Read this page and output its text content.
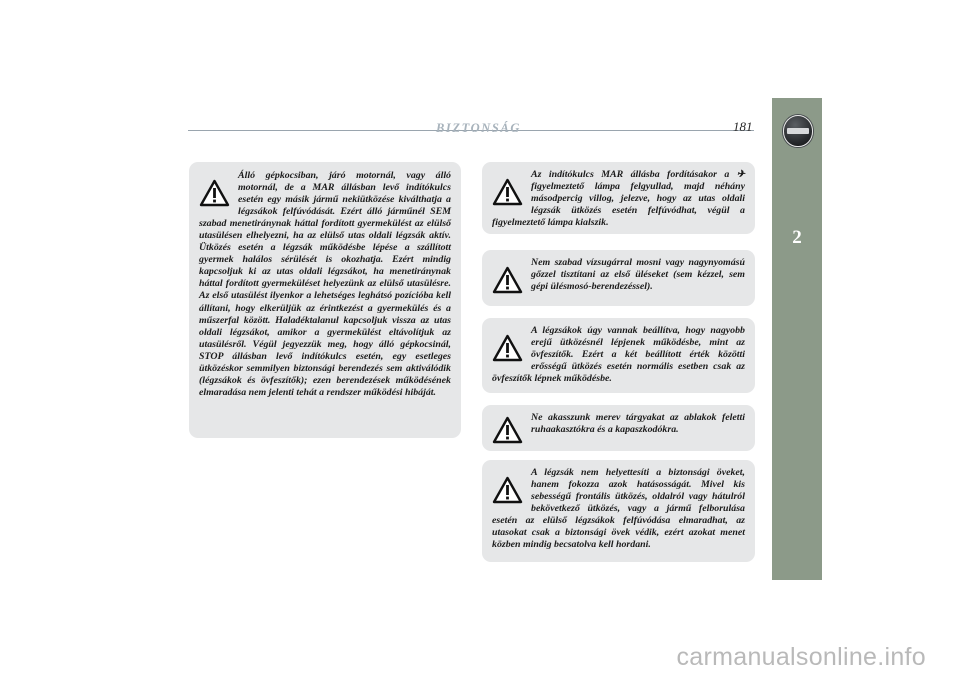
BIZTONSÁG	181
2

Álló gépkocsiban, járó motornál, vagy álló motornál, de a MAR állásban levő indítókulcs esetén egy másik jármű nekiütközése kiválthatja a légzsákok felfúvódását. Ezért álló járműnél SEM szabad menetiránynak háttal fordított gyermekülést az elülső utasülésen elhelyezni, ha az elülső utas oldali légzsák aktív. Ütközés esetén a légzsák működésbe lépése a szállított gyermek halálos sérülését is okozhatja. Ezért mindig kapcsoljuk ki az utas oldali légzsákot, ha menetiránynak háttal fordított gyermeküléset helyezünk az elülső utasülésre. Az első utasülést ilyenkor a lehetséges leghátsó pozícióba kell állítani, hogy elkerüljük az érintkezést a gyermekülés és a műszerfal között. Haladéktalanul kapcsoljuk vissza az utas oldali légzsákot, amikor a gyermekülést eltávolítjuk az utasülésről. Végül jegyezzük meg, hogy álló gépkocsinál, STOP állásban levő indítókulcs esetén, egy esetleges ütközéskor semmilyen biztonsági berendezés sem aktiválódik (légzsákok és övfeszítők); ezen berendezések működésének elmaradása nem jelenti tehát a rendszer működési hibáját.

Az indítókulcs MAR állásba fordításakor a ✈ figyelmeztető lámpa felgyullad, majd néhány másodpercig villog, jelezve, hogy az utas oldali légzsák ütközés esetén felfúvódhat, végül a figyelmeztető lámpa kialszik.

Nem szabad vízsugárral mosni vagy nagynyomású gőzzel tisztítani az első üléseket (sem kézzel, sem gépi ülésmosó-berendezéssel).

A légzsákok úgy vannak beállítva, hogy nagyobb erejű ütközésnél lépjenek működésbe, mint az övfeszítők. Ezért a két beállított érték közötti erősségű ütközés esetén normális esetben csak az övfeszítők lépnek működésbe.

Ne akasszunk merev tárgyakat az ablakok feletti ruhaakasztókra és a kapaszkodókra.

A légzsák nem helyettesíti a biztonsági öveket, hanem fokozza azok hatásosságát. Mivel kis sebességű frontális ütközés, oldalról vagy hátulról bekövetkező ütközés, vagy a jármű felborulása esetén az elülső légzsákok felfúvódása elmaradhat, az utasokat csak a biztonsági övek védik, ezért azokat menet közben mindig becsatolva kell hordani.

carmanualsonline.info
